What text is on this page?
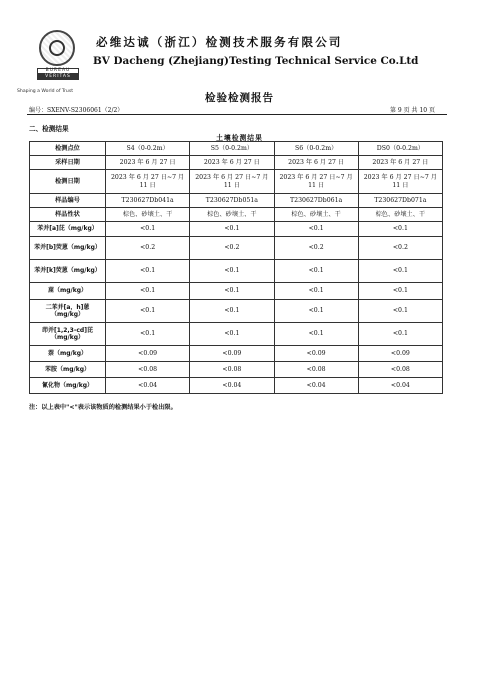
BUREAU
VERITAS
Shaping a World of Trust
必维达诚（浙江）检测技术服务有限公司
BV Dacheng (Zhejiang)Testing Technical Service Co.Ltd
检验检测报告
编号：SXENV-S2306061（2/2）	第 9 页 共 10 页
二、检测结果
土壤检测结果
检测点位	S4（0-0.2m）	S5（0-0.2m）	S6（0-0.2m）	DS0（0-0.2m）
采样日期	2023 年 6 月 27 日	2023 年 6 月 27 日	2023 年 6 月 27 日	2023 年 6 月 27 日
检测日期	2023 年 6 月 27 日~7 月 11 日	2023 年 6 月 27 日~7 月 11 日	2023 年 6 月 27 日~7 月 11 日	2023 年 6 月 27 日~7 月 11 日
样品编号	T230627Db041a	T230627Db051a	T230627Db061a	T230627Db071a
样品性状	棕色、砂壤土、干	棕色、砂壤土、干	棕色、砂壤土、干	棕色、砂壤土、干
苯并[a]芘（mg/kg）	<0.1	<0.1	<0.1	<0.1
苯并[b]荧蒽（mg/kg）	<0.2	<0.2	<0.2	<0.2
苯并[k]荧蒽（mg/kg）	<0.1	<0.1	<0.1	<0.1
䓛（mg/kg）	<0.1	<0.1	<0.1	<0.1
二苯并[a，h]蒽（mg/kg）	<0.1	<0.1	<0.1	<0.1
茚并[1,2,3-cd]芘（mg/kg）	<0.1	<0.1	<0.1	<0.1
萘（mg/kg）	<0.09	<0.09	<0.09	<0.09
苯胺（mg/kg）	<0.08	<0.08	<0.08	<0.08
氰化物（mg/kg）	<0.04	<0.04	<0.04	<0.04
注：以上表中"<"表示该物质的检测结果小于检出限。
